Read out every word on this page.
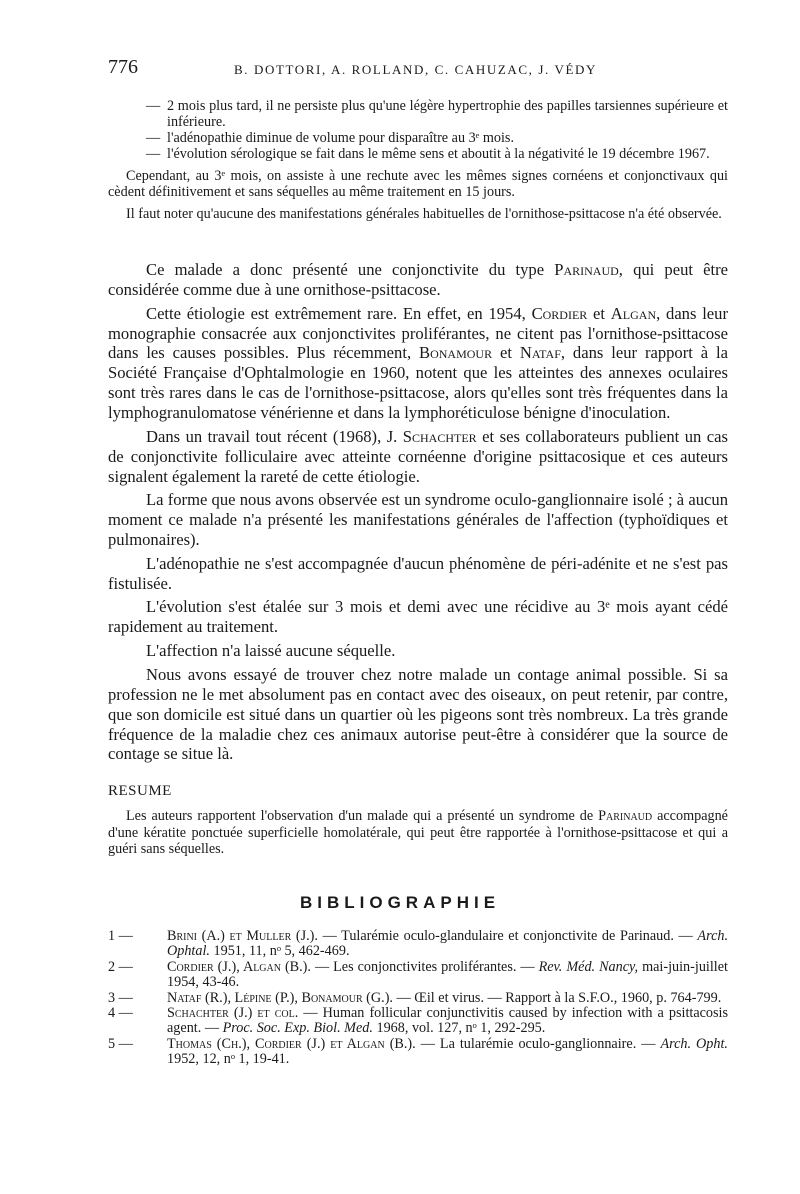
776	B. DOTTORI, A. ROLLAND, C. CAHUZAC, J. VÉDY

— 2 mois plus tard, il ne persiste plus qu'une légère hypertrophie des papilles tarsiennes supérieure et inférieure.

— l'adénopathie diminue de volume pour disparaître au 3ᵉ mois.

— l'évolution sérologique se fait dans le même sens et aboutit à la négativité le 19 décembre 1967.

Cependant, au 3ᵉ mois, on assiste à une rechute avec les mêmes signes cornéens et conjonctivaux qui cèdent définitivement et sans séquelles au même traitement en 15 jours.

Il faut noter qu'aucune des manifestations générales habituelles de l'ornithose-psittacose n'a été observée.

Ce malade a donc présenté une conjonctivite du type Parinaud, qui peut être considérée comme due à une ornithose-psittacose.

Cette étiologie est extrêmement rare. En effet, en 1954, Cordier et Algan, dans leur monographie consacrée aux conjonctivites proliférantes, ne citent pas l'ornithose-psittacose dans les causes possibles. Plus récemment, Bonamour et Nataf, dans leur rapport à la Société Française d'Ophtalmologie en 1960, notent que les atteintes des annexes oculaires sont très rares dans le cas de l'ornithose-psittacose, alors qu'elles sont très fréquentes dans la lymphogranulomatose vénérienne et dans la lymphoréticulose bénigne d'inoculation.

Dans un travail tout récent (1968), J. Schachter et ses collaborateurs publient un cas de conjonctivite folliculaire avec atteinte cornéenne d'origine psittacosique et ces auteurs signalent également la rareté de cette étiologie.

La forme que nous avons observée est un syndrome oculo-ganglionnaire isolé ; à aucun moment ce malade n'a présenté les manifestations générales de l'affection (typhoïdiques et pulmonaires).

L'adénopathie ne s'est accompagnée d'aucun phénomène de péri-adénite et ne s'est pas fistulisée.

L'évolution s'est étalée sur 3 mois et demi avec une récidive au 3ᵉ mois ayant cédé rapidement au traitement.

L'affection n'a laissé aucune séquelle.

Nous avons essayé de trouver chez notre malade un contage animal possible. Si sa profession ne le met absolument pas en contact avec des oiseaux, on peut retenir, par contre, que son domicile est situé dans un quartier où les pigeons sont très nombreux. La très grande fréquence de la maladie chez ces animaux autorise peut-être à considérer que la source de contage se situe là.

RESUME

Les auteurs rapportent l'observation d'un malade qui a présenté un syndrome de Parinaud accompagné d'une kératite ponctuée superficielle homolatérale, qui peut être rapportée à l'ornithose-psittacose et qui a guéri sans séquelles.

BIBLIOGRAPHIE

1 — Brini (A.) et Muller (J.). — Tularémie oculo-glandulaire et conjonctivite de Parinaud. — Arch. Ophtal. 1951, 11, nᵒ 5, 462-469.

2 — Cordier (J.), Algan (B.). — Les conjonctivites proliférantes. — Rev. Méd. Nancy, mai-juin-juillet 1954, 43-46.

3 — Nataf (R.), Lépine (P.), Bonamour (G.). — Œil et virus. — Rapport à la S.F.O., 1960, p. 764-799.

4 — Schachter (J.) et col. — Human follicular conjunctivitis caused by infection with a psittacosis agent. — Proc. Soc. Exp. Biol. Med. 1968, vol. 127, nᵒ 1, 292-295.

5 — Thomas (Ch.), Cordier (J.) et Algan (B.). — La tularémie oculo-ganglionnaire. — Arch. Opht. 1952, 12, nᵒ 1, 19-41.
